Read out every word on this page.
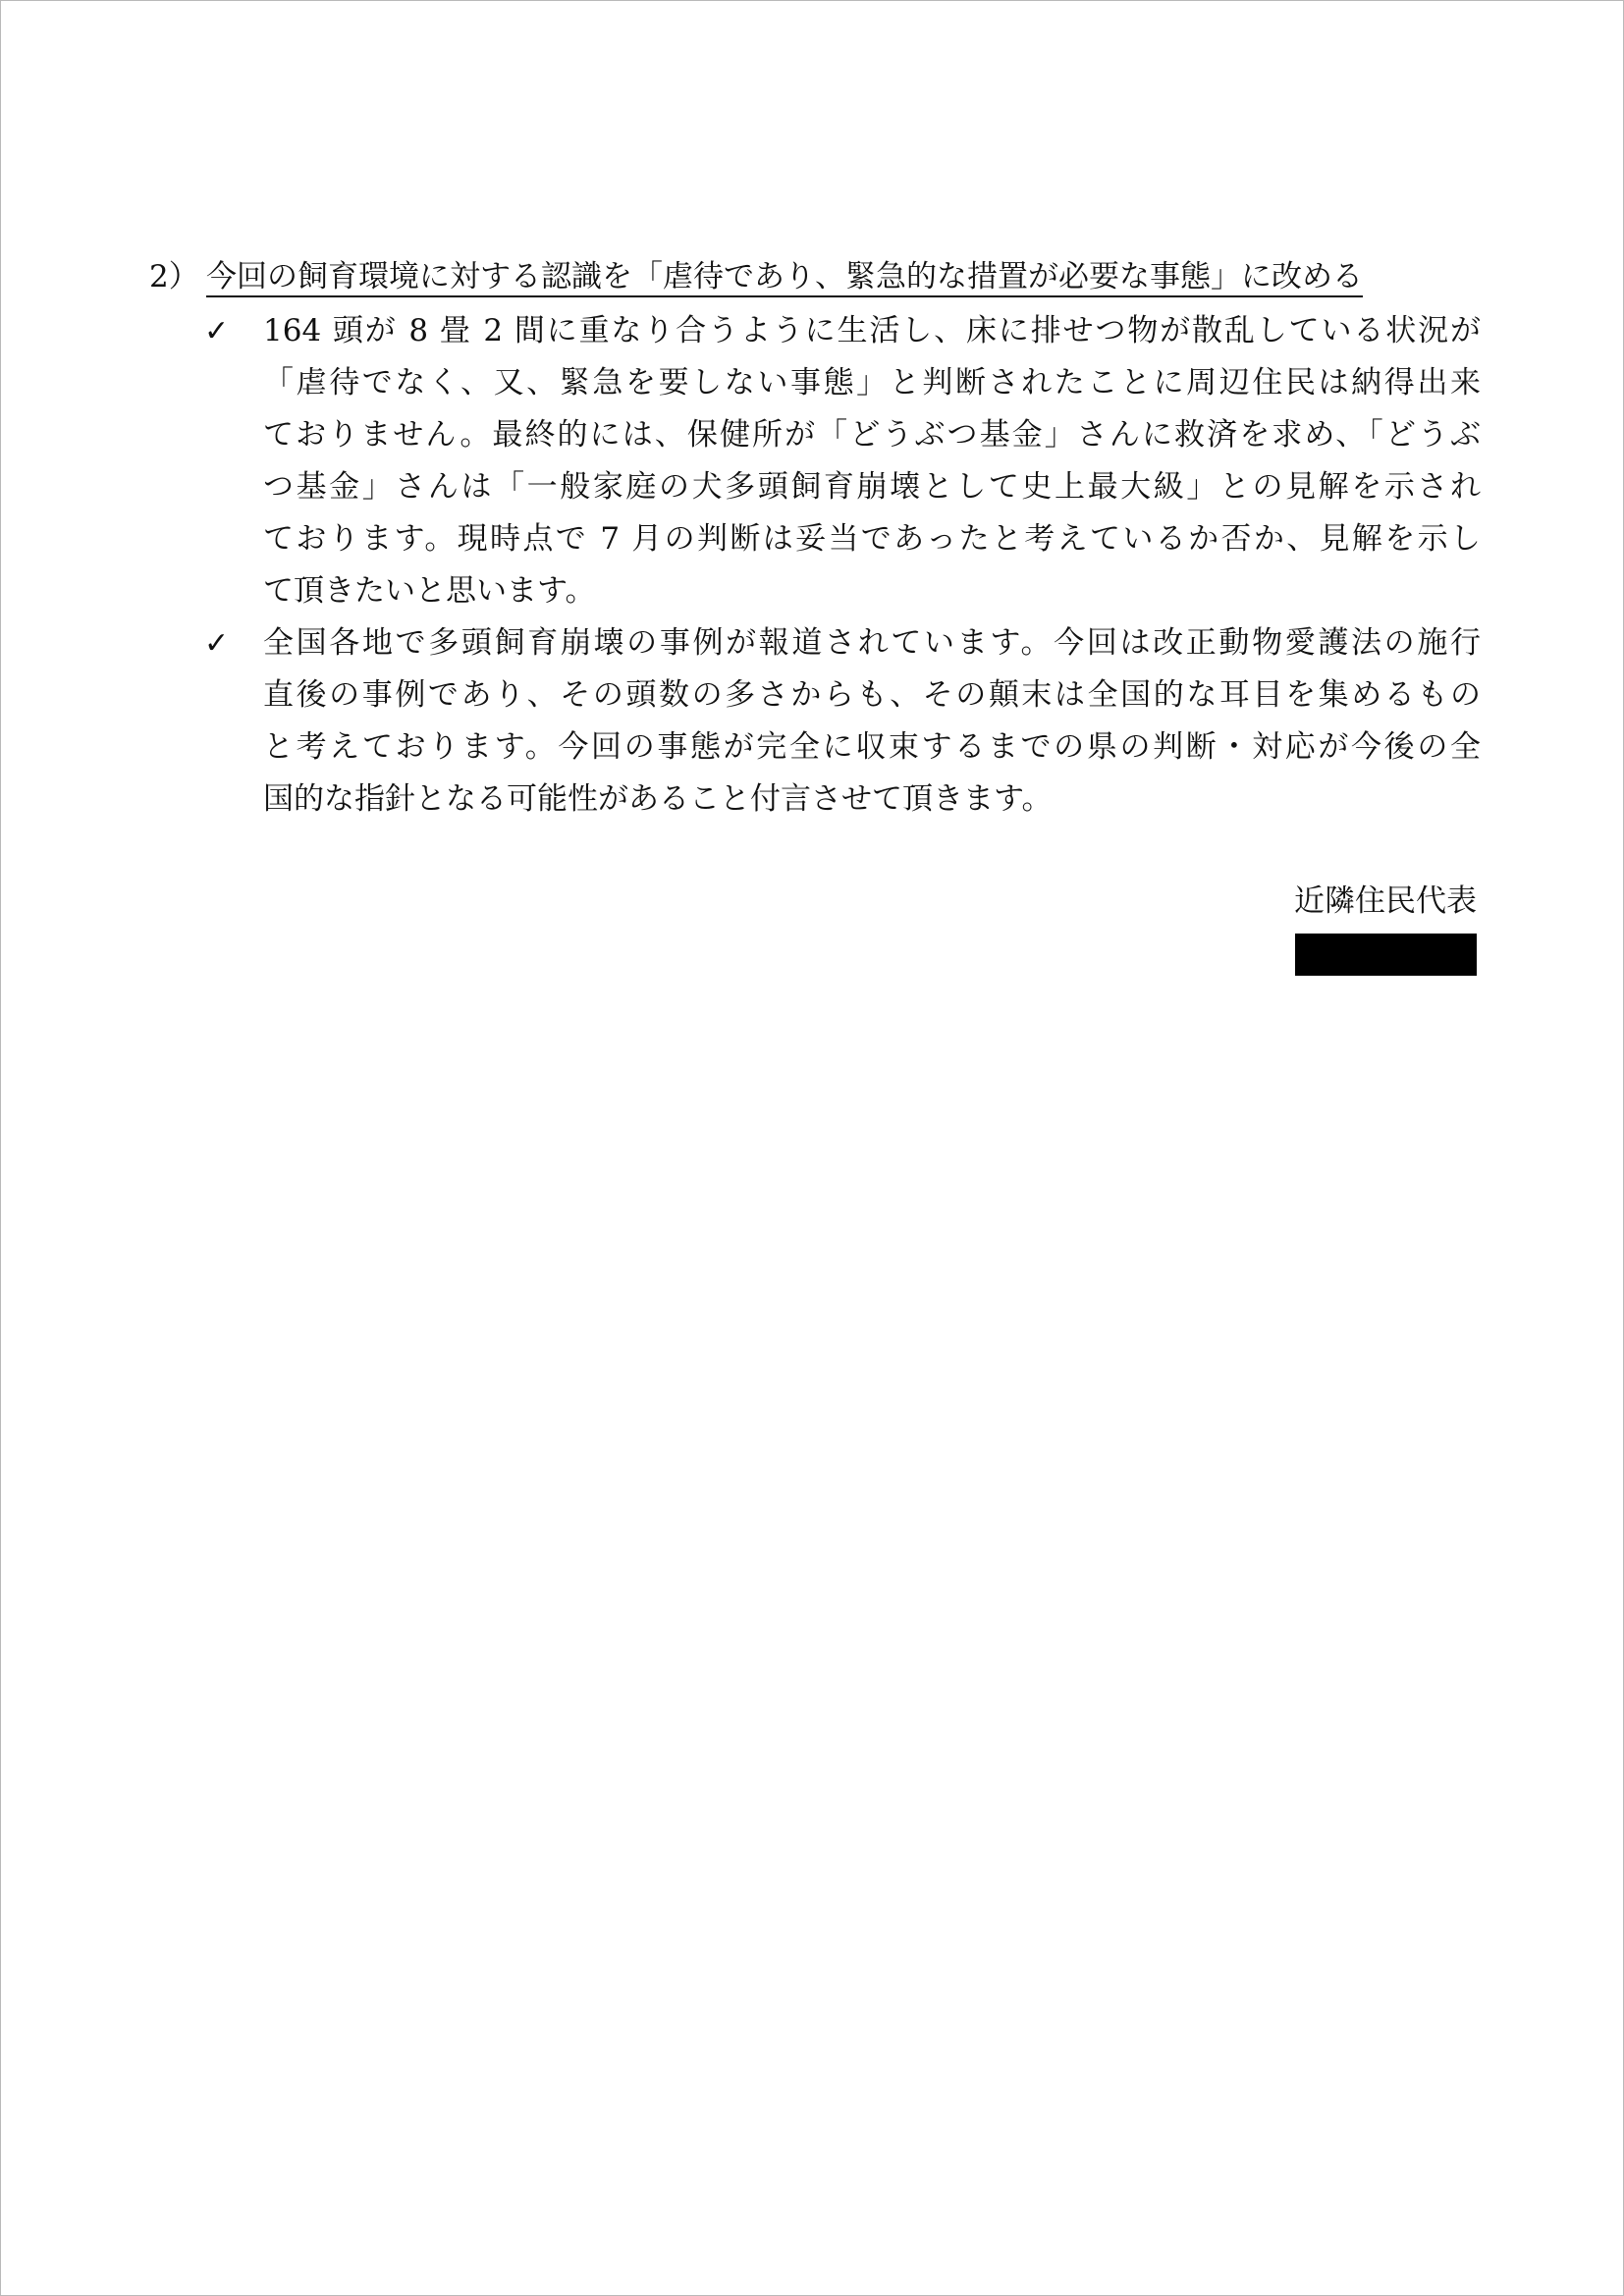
2） 今回の飼育環境に対する認識を「虐待であり、緊急的な措置が必要な事態」に改める
✓	164 頭が 8 畳 2 間に重なり合うように生活し、床に排せつ物が散乱している状況が
「虐待でなく、又、緊急を要しない事態」と判断されたことに周辺住民は納得出来
ておりません。最終的には、保健所が「どうぶつ基金」さんに救済を求め、「どうぶ
つ基金」さんは「一般家庭の犬多頭飼育崩壊として史上最大級」との見解を示され
ております。現時点で 7 月の判断は妥当であったと考えているか否か、見解を示し
て頂きたいと思います。
✓	全国各地で多頭飼育崩壊の事例が報道されています。今回は改正動物愛護法の施行
直後の事例であり、その頭数の多さからも、その顛末は全国的な耳目を集めるもの
と考えております。今回の事態が完全に収束するまでの県の判断・対応が今後の全
国的な指針となる可能性があること付言させて頂きます。
近隣住民代表
